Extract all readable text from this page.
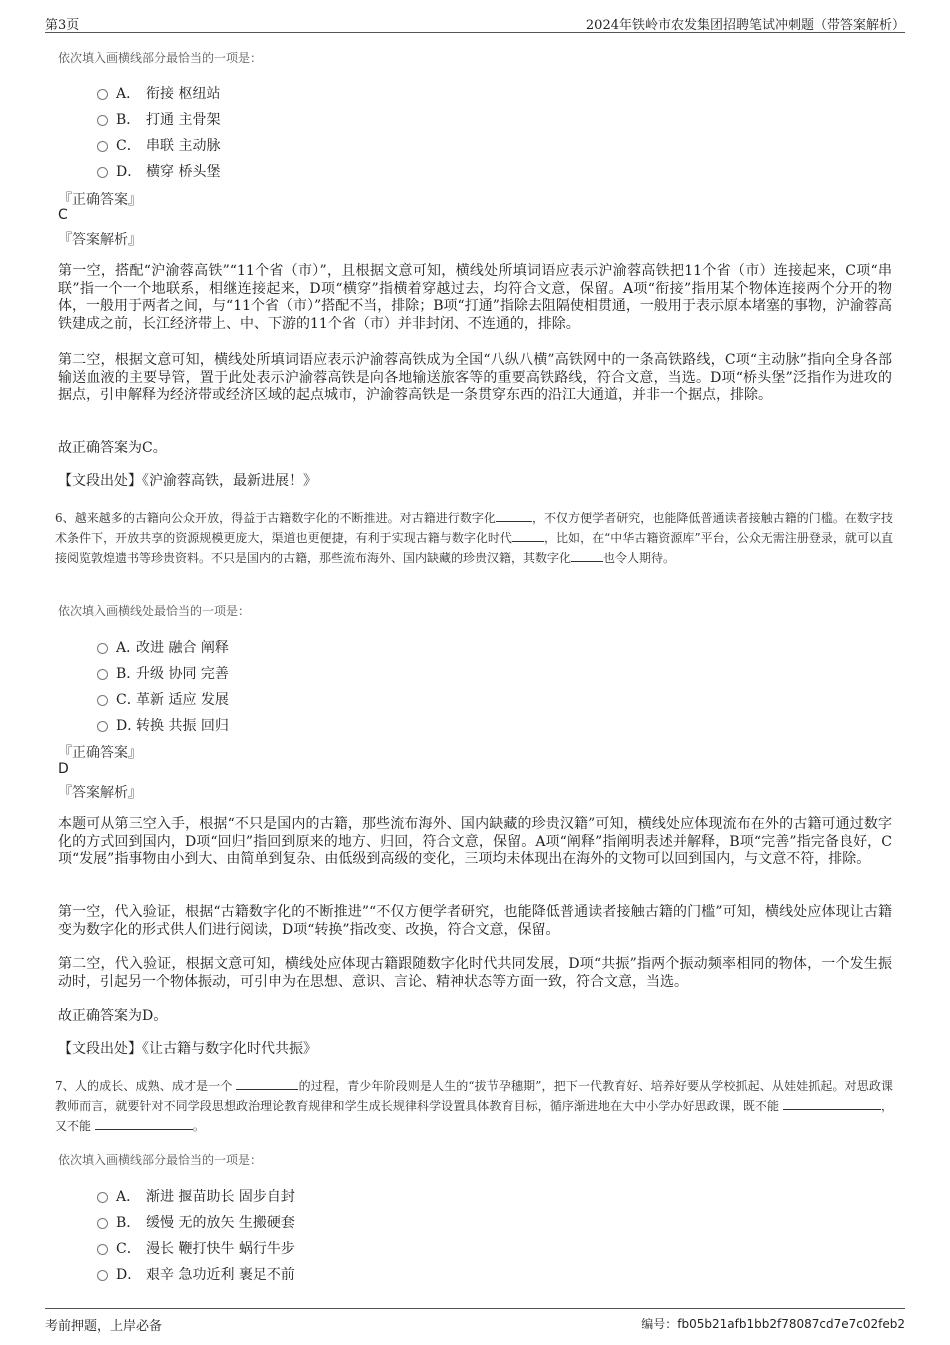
第3页	2024年铁岭市农发集团招聘笔试冲刺题（带答案解析）
依次填入画横线部分最恰当的一项是：
A． 衔接 枢纽站
B． 打通 主骨架
C． 串联 主动脉
D． 横穿 桥头堡
『正确答案』
C
『答案解析』

第一空，搭配“沪渝蓉高铁”“11个省（市）”，且根据文意可知，横线处所填词语应表示沪渝蓉高铁把11个省（市）连接起来，C项“串联”指一个一个地联系，相继连接起来，D项“横穿”指横着穿越过去，均符合文意，保留。A项“衔接”指用某个物体连接两个分开的物体，一般用于两者之间，与“11个省（市）”搭配不当，排除；B项“打通”指除去阻隔使相贯通，一般用于表示原本堵塞的事物，沪渝蓉高铁建成之前，长江经济带上、中、下游的11个省（市）并非封闭、不连通的，排除。

第二空，根据文意可知，横线处所填词语应表示沪渝蓉高铁成为全国“八纵八横”高铁网中的一条高铁路线，C项“主动脉”指向全身各部输送血液的主要导管，置于此处表示沪渝蓉高铁是向各地输送旅客等的重要高铁路线，符合文意，当选。D项“桥头堡”泛指作为进攻的据点，引申解释为经济带或经济区域的起点城市，沪渝蓉高铁是一条贯穿东西的沿江大通道，并非一个据点，排除。

故正确答案为C。

【文段出处】《沪渝蓉高铁，最新进展！》

6、越来越多的古籍向公众开放，得益于古籍数字化的不断推进。对古籍进行数字化	，不仅方便学者研究，也能降低普通读者接触古籍的门槛。在数字技术条件下，开放共享的资源规模更庞大，渠道也更便捷，有利于实现古籍与数字化时代	，比如，在“中华古籍资源库”平台，公众无需注册登录，就可以直接阅览敦煌遗书等珍贵资料。不只是国内的古籍，那些流布海外、国内缺藏的珍贵汉籍，其数字化	也令人期待。

依次填入画横线处最恰当的一项是：
A．
改进 融合 阐释
B．
升级 协同 完善
C．
革新 适应 发展
D．
转换 共振 回归
『正确答案』
D
『答案解析』

本题可从第三空入手，根据“不只是国内的古籍，那些流布海外、国内缺藏的珍贵汉籍”可知，横线处应体现流布在外的古籍可通过数字化的方式回到国内，D项“回归”指回到原来的地方、归回，符合文意，保留。A项“阐释”指阐明表述并解释，B项“完善”指完备良好，C项“发展”指事物由小到大、由简单到复杂、由低级到高级的变化，三项均未体现出在海外的文物可以回到国内，与文意不符，排除。

第一空，代入验证，根据“古籍数字化的不断推进”“不仅方便学者研究，也能降低普通读者接触古籍的门槛”可知，横线处应体现让古籍变为数字化的形式供人们进行阅读，D项“转换”指改变、改换，符合文意，保留。

第二空，代入验证，根据文意可知，横线处应体现古籍跟随数字化时代共同发展，D项“共振”指两个振动频率相同的物体，一个发生振动时，引起另一个物体振动，可引申为在思想、意识、言论、精神状态等方面一致，符合文意，当选。

故正确答案为D。

【文段出处】《让古籍与数字化时代共振》

7、人的成长、成熟、成才是一个	的过程，青少年阶段则是人生的“拔节孕穗期”，把下一代教育好、培养好要从学校抓起、从娃娃抓起。对思政课教师而言，就要针对不同学段思想政治理论教育规律和学生成长规律科学设置具体教育目标，循序渐进地在大中小学办好思政课，既不能	，又不能	。

依次填入画横线部分最恰当的一项是：
A． 渐进 揠苗助长 固步自封
B． 缓慢 无的放矢 生搬硬套
C． 漫长 鞭打快牛 蜗行牛步
D． 艰辛 急功近利 裹足不前
考前押题，上岸必备	编号：fb05b21afb1bb2f78087cd7e7c02feb2
